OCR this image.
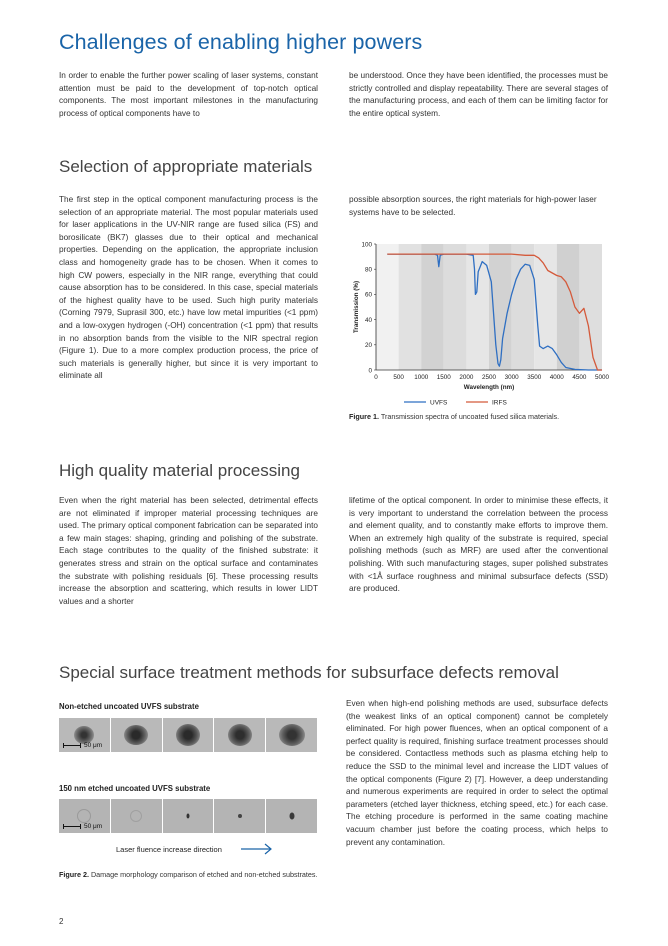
Challenges of enabling higher powers

In order to enable the further power scaling of laser systems, constant attention must be paid to the development of top-notch optical components. The most important milestones in the manufacturing process of optical components have to

be understood. Once they have been identified, the processes must be strictly controlled and display repeatability. There are several stages of the manufacturing process, and each of them can be limiting factor for the entire optical system.

Selection of appropriate materials

The first step in the optical component manufacturing process is the selection of an appropriate material. The most popular materials used for laser applications in the UV-NIR range are fused silica (FS) and borosilicate (BK7) glasses due to their optical and mechanical properties. Depending on the application, the appropriate inclusion class and homogeneity grade has to be chosen. When it comes to high CW powers, especially in the NIR range, everything that could cause absorption has to be considered. In this case, special materials of the highest quality have to be used. Such high purity materials (Corning 7979, Suprasil 300, etc.) have low metal impurities (<1 ppm) and a low-oxygen hydrogen (-OH) concentration (<1 ppm) that results in no absorption bands from the visible to the NIR spectral region (Figure 1). Due to a more complex production process, the price of such materials is generally higher, but since it is very important to eliminate all

possible absorption sources, the right materials for high-power laser systems have to be selected.

0
20
40
60
80
100
0 500 1000 1500 2000 2500 3000 3500 4000 4500 5000
Wavelength (nm)
Transmission (%)
UVFS	IRFS
Figure 1. Transmission spectra of uncoated fused silica materials.
High quality material processing

Even when the right material has been selected, detrimental effects are not eliminated if improper material processing techniques are used. The primary optical component fabrication can be separated into a few main stages: shaping, grinding and polishing of the substrate. Each stage contributes to the quality of the finished substrate: it generates stress and strain on the optical surface and contaminates the substrate with polishing residuals [6]. These processing results increase the absorption and scattering, which results in lower LIDT values and a shorter

lifetime of the optical component. In order to minimise these effects, it is very important to understand the correlation between the process and element quality, and to constantly make efforts to improve them. When an extremely high quality of the substrate is required, special polishing methods (such as MRF) are used after the conventional polishing. With such manufacturing stages, super polished substrates with <1Å surface roughness and minimal subsurface defects (SSD) are produced.

Special surface treatment methods for subsurface defects removal
Non-etched uncoated UVFS substrate
50 μm
150 nm etched uncoated UVFS substrate
50 μm
Laser fluence increase direction
Figure 2. Damage morphology comparison of etched and non-etched substrates.

Even when high-end polishing methods are used, subsurface defects (the weakest links of an optical component) cannot be completely eliminated. For high power fluences, when an optical component of a perfect quality is required, finishing surface treatment processes should be considered. Contactless methods such as plasma etching help to reduce the SSD to the minimal level and increase the LIDT values of the optical components (Figure 2) [7]. However, a deep understanding and numerous experiments are required in order to select the optimal parameters (etched layer thickness, etching speed, etc.) for each case. The etching procedure is performed in the same coating machine vacuum chamber just before the coating process, which helps to prevent any contamination.

2
